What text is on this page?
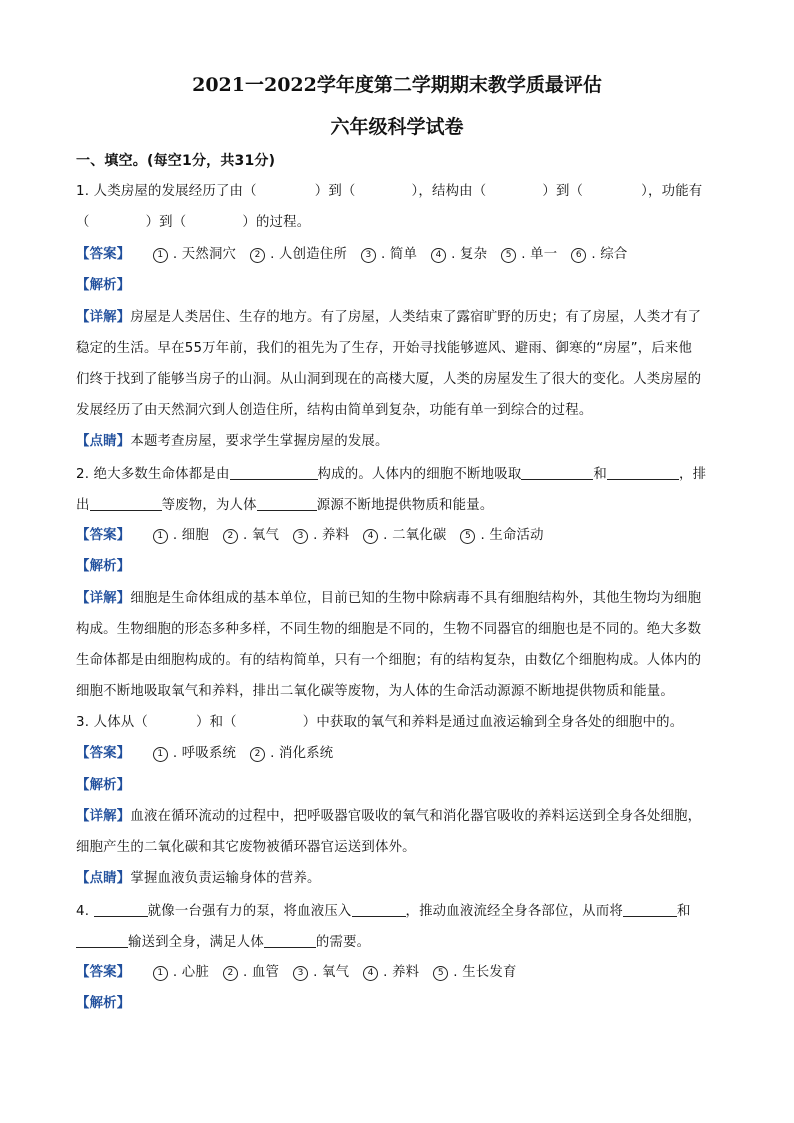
2021一2022学年度第二学期期末教学质最评估
六年级科学试卷
一、填空。(每空1分，共31分)
1. 人类房屋的发展经历了由（	）到（	），结构由（	）到（	），功能有
（	）到（	）的过程。
【答案】	1 . 天然洞穴 2 . 人创造住所 3 . 简单 4 . 复杂 5 . 单一 6 . 综合
【解析】
【详解】房屋是人类居住、生存的地方。有了房屋，人类结束了露宿旷野的历史；有了房屋，人类才有了
稳定的生活。早在55万年前，我们的祖先为了生存，开始寻找能够遮风、避雨、御寒的“房屋”，后来他
们终于找到了能够当房子的山洞。从山洞到现在的高楼大厦，人类的房屋发生了很大的变化。人类房屋的
发展经历了由天然洞穴到人创造住所，结构由简单到复杂，功能有单一到综合的过程。
【点睛】本题考查房屋，要求学生掌握房屋的发展。
2. 绝大多数生命体都是由	构成的。人体内的细胞不断地吸取	和	，排
出	等废物，为人体	源源不断地提供物质和能量。
【答案】	1 . 细胞 2 . 氧气 3 . 养料 4 . 二氧化碳 5 . 生命活动
【解析】
【详解】细胞是生命体组成的基本单位，目前已知的生物中除病毒不具有细胞结构外，其他生物均为细胞
构成。生物细胞的形态多种多样，不同生物的细胞是不同的，生物不同器官的细胞也是不同的。绝大多数
生命体都是由细胞构成的。有的结构简单，只有一个细胞；有的结构复杂，由数亿个细胞构成。人体内的
细胞不断地吸取氧气和养料，排出二氧化碳等废物，为人体的生命活动源源不断地提供物质和能量。
3. 人体从（	）和（	）中获取的氧气和养料是通过血液运输到全身各处的细胞中的。
【答案】	1 . 呼吸系统 2 . 消化系统
【解析】
【详解】血液在循环流动的过程中，把呼吸器官吸收的氧气和消化器官吸收的养料运送到全身各处细胞，
细胞产生的二氧化碳和其它废物被循环器官运送到体外。
【点睛】掌握血液负责运输身体的营养。
4.	就像一台强有力的泵，将血液压入	，推动血液流经全身各部位，从而将	和
输送到全身，满足人体	的需要。
【答案】	1 . 心脏 2 . 血管 3 . 氧气 4 . 养料 5 . 生长发育
【解析】
